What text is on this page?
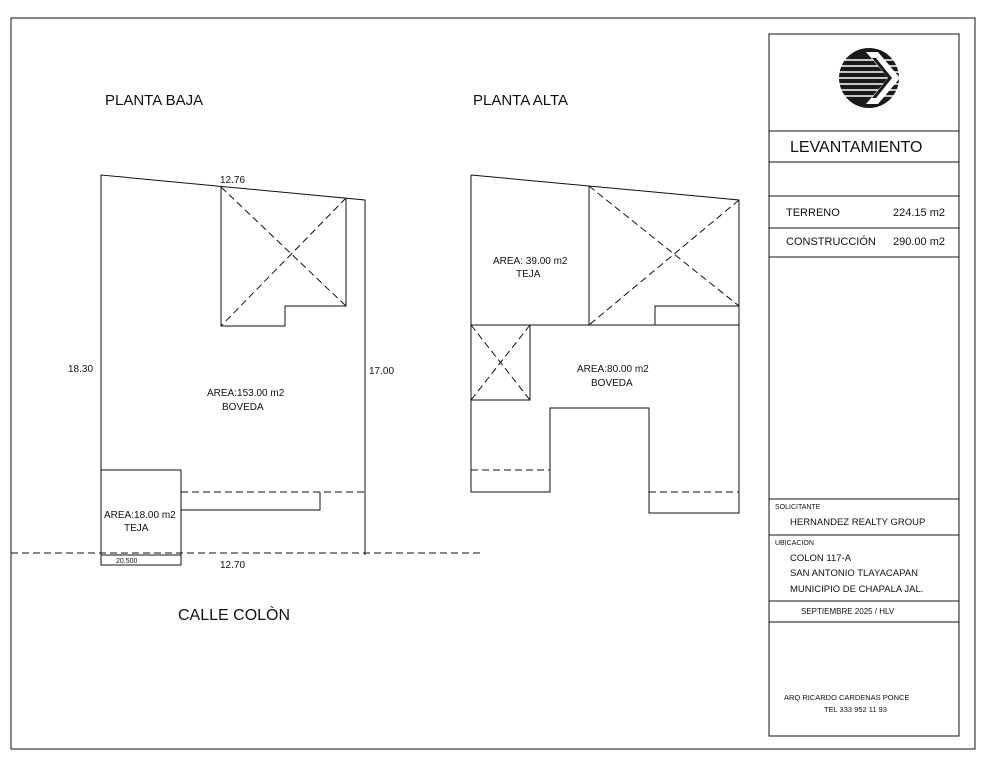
PLANTA BAJA
12.76
18.30	17.00
12.70
20.500
AREA:153.00 m2
BOVEDA
AREA:18.00 m2
TEJA
CALLE COLÒN
PLANTA ALTA
AREA: 39.00 m2
TEJA
AREA:80.00 m2
BOVEDA
LEVANTAMIENTO
TERRENO	224.15 m2
CONSTRUCCIÓN 290.00 m2
SOLICITANTE
HERNANDEZ REALTY GROUP
UBICACION
COLON 117-A
SAN ANTONIO TLAYACAPAN
MUNICIPIO DE CHAPALA JAL.
SEPTIEMBRE 2025 / HLV
ARQ RICARDO CARDENAS PONCE
TEL 333 952 11 93
